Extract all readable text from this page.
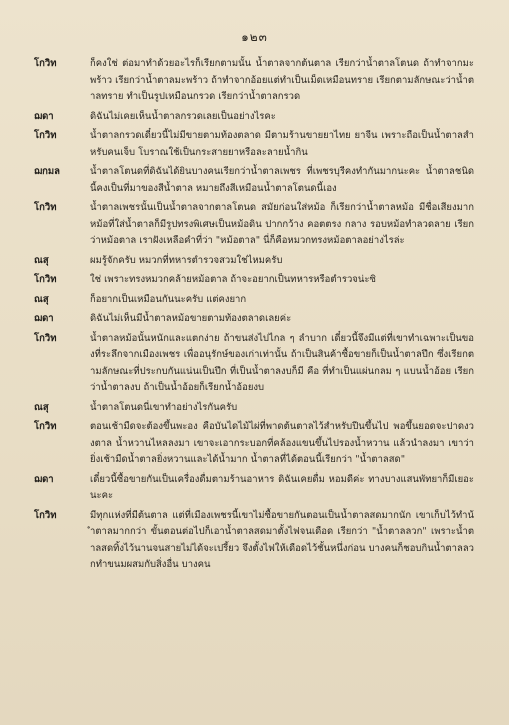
๑๒๓
โกวิท	ก็คงใช่ ต่อมาทำด้วยอะไรก็เรียกตามนั้น น้ำตาลจากต้นตาล เรียกว่าน้ำตาลโตนด ถ้าทำจากมะพร้าว เรียกว่าน้ำตาลมะพร้าว ถ้าทำจากอ้อยแต่ทำเป็นเม็ดเหมือนทราย เรียกตามลักษณะว่าน้ำตาลทราย ทำเป็นรูปเหมือนกรวด เรียกว่าน้ำตาลกรวด
ฌดา	ดิฉันไม่เคยเห็นน้ำตาลกรวดเลยเป็นอย่างไรคะ
โกวิท	น้ำตาลกรวดเดี๋ยวนี้ไม่มีขายตามท้องตลาด มีตามร้านขายยาไทย ยาจีน เพราะถือเป็นน้ำตาลสำหรับคนเจ็บ โบราณใช้เป็นกระสายยาหรือละลายน้ำกิน
ฌกมล	น้ำตาลโตนดที่ดิฉันได้ยินบางคนเรียกว่าน้ำตาลเพชร ที่เพชรบุรีคงทำกันมากนะคะ น้ำตาลชนิดนี้คงเป็นที่มาของสีน้ำตาล หมายถึงสีเหมือนน้ำตาลโตนดนี้เอง
โกวิท	น้ำตาลเพชรนั้นเป็นน้ำตาลจากตาลโตนด สมัยก่อนใส่หม้อ ก็เรียกว่าน้ำตาลหม้อ มีชื่อเสียงมาก หม้อที่ใส่น้ำตาลก็มีรูปทรงพิเศษเป็นหม้อดิน ปากกว้าง คอตตรง กลาง รอบหม้อทำลวดลาย เรียกว่าหม้อตาล เราฝังเหลือคำที่ว่า "หม้อตาล" นี่ก็คือหมวกทรงหม้อตาลอย่างไรล่ะ
ณสุ	ผมรู้จักครับ หมวกที่ทหารตำรวจสวมใช่ไหมครับ
โกวิท	ใช่ เพราะทรงหมวกคล้ายหม้อตาล ถ้าจะอยากเป็นทหารหรือตำรวจน่ะซิ
ณสุ	ก็อยากเป็นเหมือนกันนะครับ แต่คงยาก
ฌดา	ดิฉันไม่เห็นมีน้ำตาลหม้อขายตามท้องตลาดเลยค่ะ
โกวิท	น้ำตาลหม้อนั้นหนักและแตกง่าย ถ้าขนส่งไปไกล ๆ ลำบาก เดี๋ยวนี้จึงมีแต่ที่เขาทำเฉพาะเป็นของที่ระลึกจากเมืองเพชร เพื่ออนุรักษ์ของเก่าเท่านั้น ถ้าเป็นสินค้าซื้อขายก็เป็นน้ำตาลปึก ซึ่งเรียกตามลักษณะที่ประกบกันแน่นเป็นปึก ที่เป็นน้ำตาลงบก็มี คือ ที่ทำเป็นแผ่นกลม ๆ แบนน้ำอ้อย เรียกว่าน้ำตาลงบ ถ้าเป็นน้ำอ้อยก็เรียกน้ำอ้อยงบ
ณสุ	น้ำตาลโตนดนี่เขาทำอย่างไรกันครับ
โกวิท	ตอนเช้ามืดจะต้องขึ้นพะอง คือบันไดไม้ไผ่ที่พาดต้นตาลไว้สำหรับปีนขึ้นไป พอขึ้นยอดจะปาดงวงตาล น้ำหวานไหลลงมา เขาจะเอากระบอกที่คล้องแขนขึ้นไปรองน้ำหวาน แล้วนำลงมา เขาว่ายิ่งเช้ามืดน้ำตาลยิ่งหวานและได้น้ำมาก น้ำตาลที่ได้ตอนนี้เรียกว่า "น้ำตาลสด"
ฌดา	เดี๋ยวนี้ซื้อขายกันเป็นเครื่องดื่มตามร้านอาหาร ดิฉันเคยดื่ม หอมดีค่ะ ทางบางแสนพัทยาก็มีเยอะนะคะ
โกวิท	มีทุกแห่งที่มีต้นตาล แต่ที่เมืองเพชรนี้เขาไม่ซื้อขายกันตอนเป็นน้ำตาลสดมากนัก เขาเก็บไว้ทำน้ำตาลมากกว่า ขั้นตอนต่อไปก็เอาน้ำตาลสดมาตั้งไฟจนเดือด เรียกว่า "น้ำตาลลวก" เพราะน้ำตาลสดทิ้งไว้นานจนสายไม่ได้จะเปรี้ยว จึงตั้งไฟให้เดือดไว้ชั้นหนึ่งก่อน บางคนก็ชอบกินน้ำตาลลวกทำขนมผสมกับสิ่งอื่น บางคน
